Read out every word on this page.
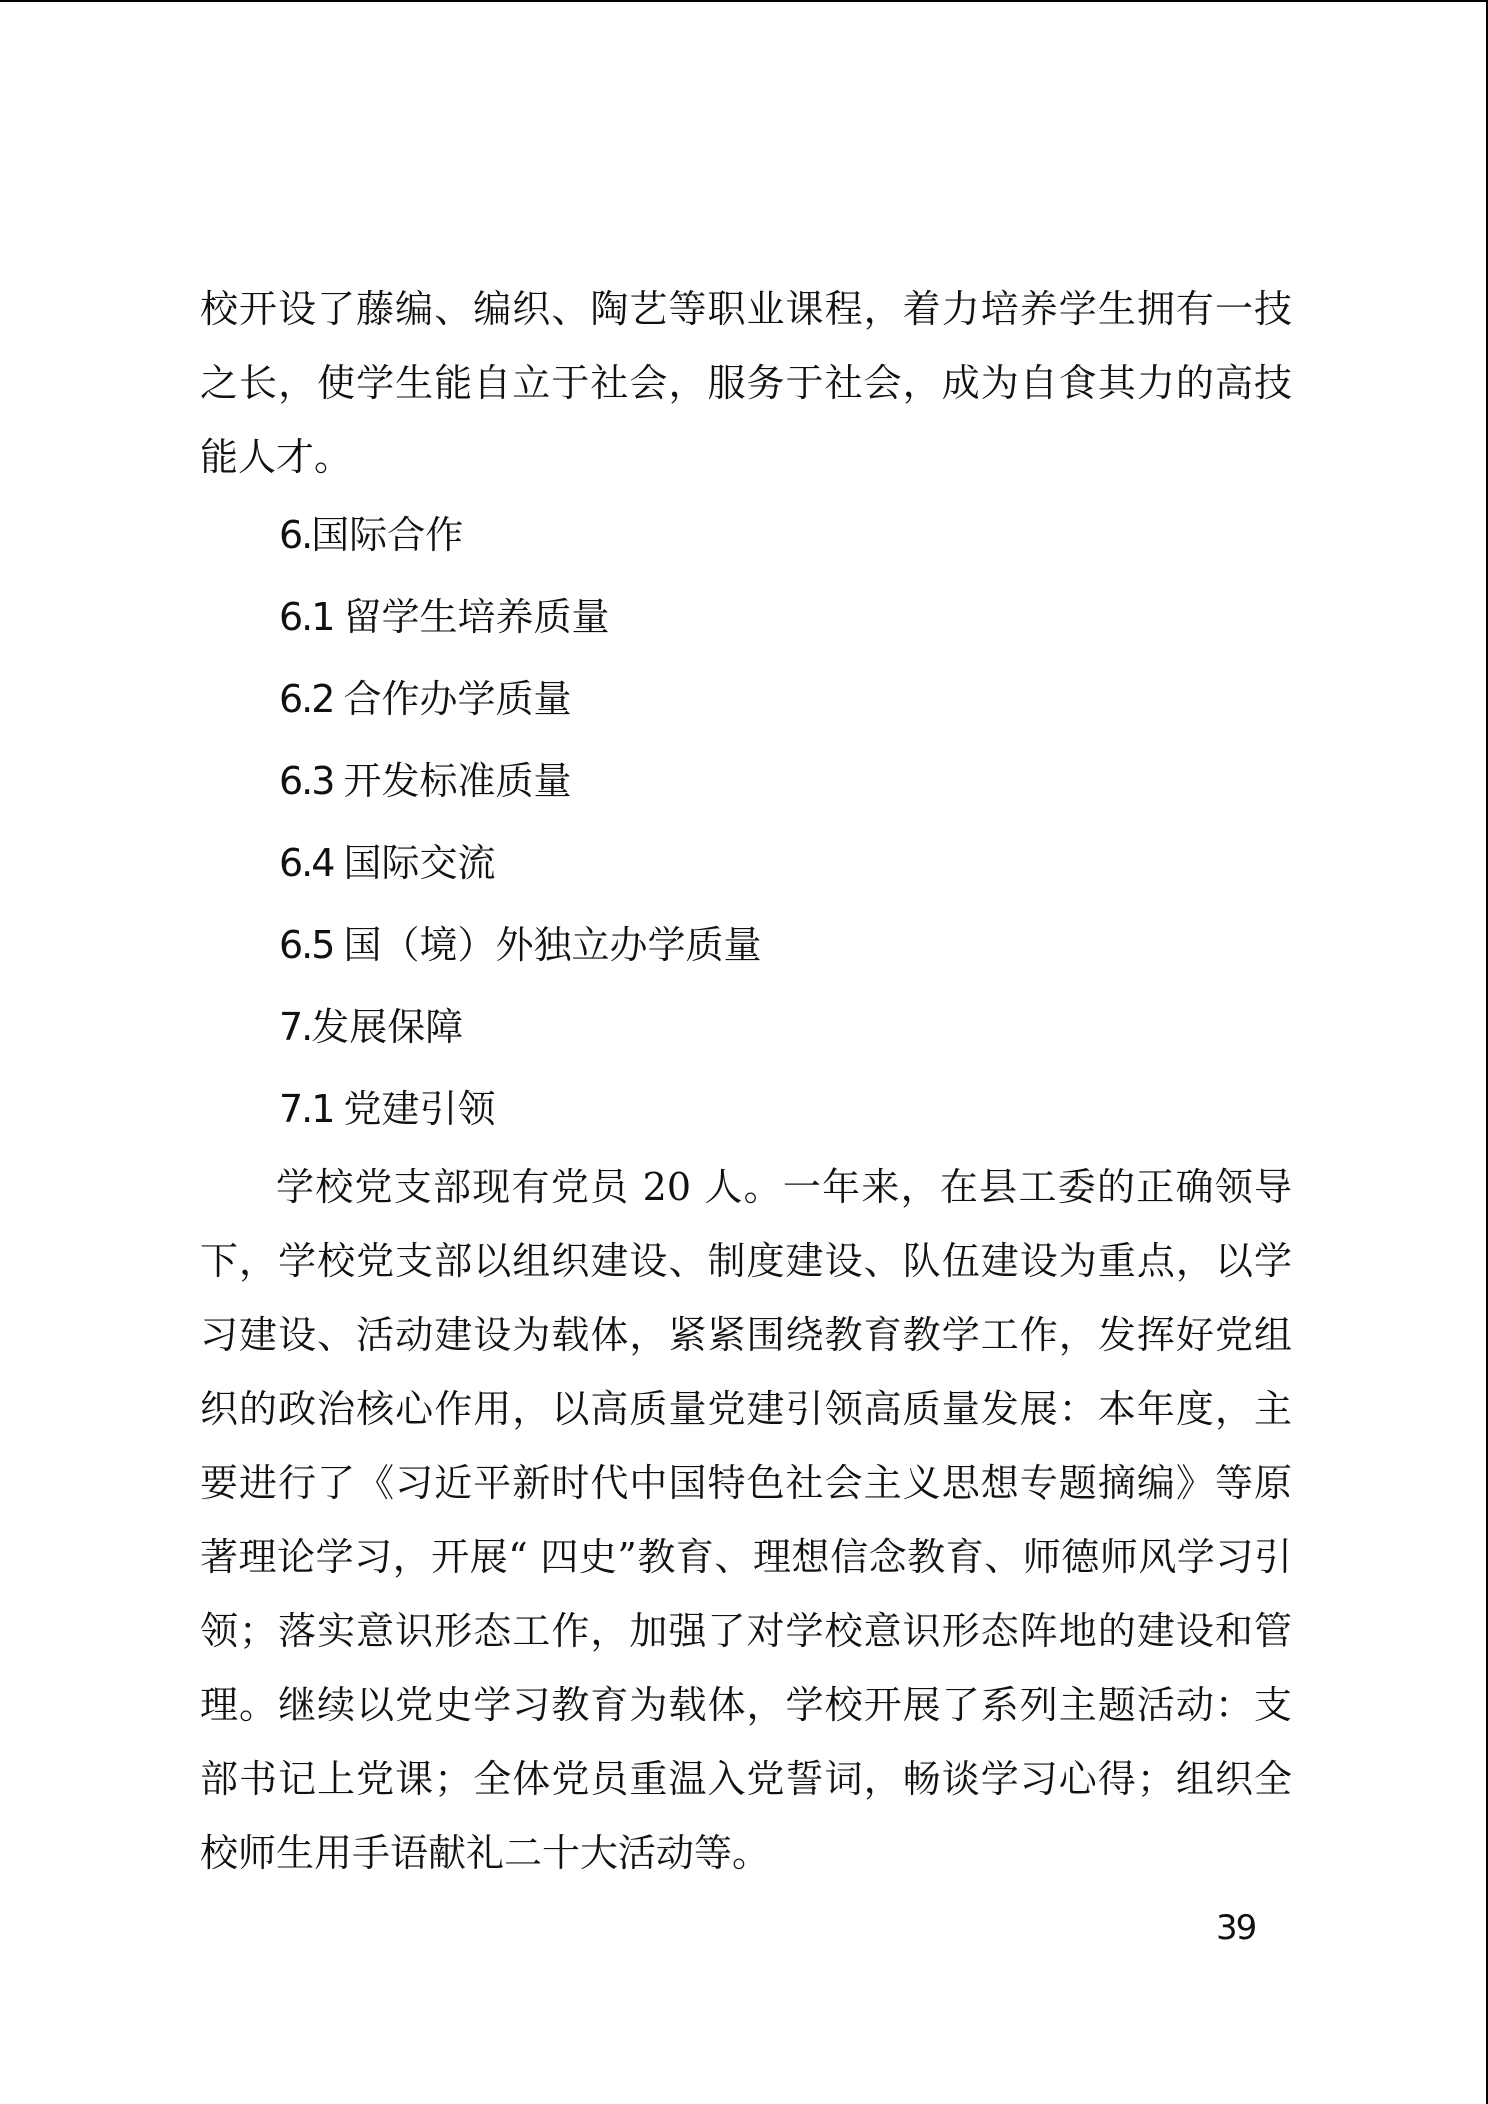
校开设了藤编、编织、陶艺等职业课程，着力培养学生拥有一技之长，使学生能自立于社会，服务于社会，成为自食其力的高技能人才。

6.国际合作
6.1 留学生培养质量
6.2 合作办学质量
6.3 开发标准质量
6.4 国际交流
6.5 国（境）外独立办学质量
7.发展保障
7.1 党建引领

学校党支部现有党员 20 人。一年来，在县工委的正确领导下，学校党支部以组织建设、制度建设、队伍建设为重点，以学习建设、活动建设为载体，紧紧围绕教育教学工作，发挥好党组织的政治核心作用，以高质量党建引领高质量发展：本年度，主要进行了《习近平新时代中国特色社会主义思想专题摘编》等原著理论学习，开展“ 四史”教育、理想信念教育、师德师风学习引领；落实意识形态工作，加强了对学校意识形态阵地的建设和管理。继续以党史学习教育为载体，学校开展了系列主题活动：支部书记上党课；全体党员重温入党誓词，畅谈学习心得；组织全校师生用手语献礼二十大活动等。

39
